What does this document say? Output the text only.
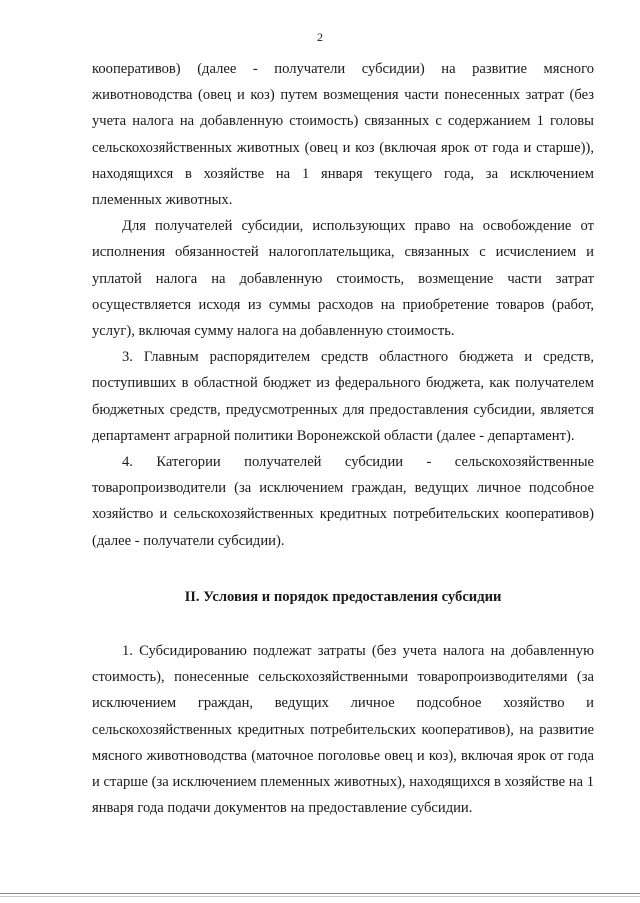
2

кооперативов) (далее - получатели субсидии) на развитие мясного животноводства (овец и коз) путем возмещения части понесенных затрат (без учета налога на добавленную стоимость) связанных с содержанием 1 головы сельскохозяйственных животных (овец и коз (включая ярок от года и старше)), находящихся в хозяйстве на 1 января текущего года, за исключением племенных животных.

Для получателей субсидии, использующих право на освобождение от исполнения обязанностей налогоплательщика, связанных с исчислением и уплатой налога на добавленную стоимость, возмещение части затрат осуществляется исходя из суммы расходов на приобретение товаров (работ, услуг), включая сумму налога на добавленную стоимость.

3. Главным распорядителем средств областного бюджета и средств, поступивших в областной бюджет из федерального бюджета, как получателем бюджетных средств, предусмотренных для предоставления субсидии, является департамент аграрной политики Воронежской области (далее - департамент).

4. Категории получателей субсидии - сельскохозяйственные товаропроизводители (за исключением граждан, ведущих личное подсобное хозяйство и сельскохозяйственных кредитных потребительских кооперативов) (далее - получатели субсидии).

II. Условия и порядок предоставления субсидии

1. Субсидированию подлежат затраты (без учета налога на добавленную стоимость), понесенные сельскохозяйственными товаропроизводителями (за исключением граждан, ведущих личное подсобное хозяйство и сельскохозяйственных кредитных потребительских кооперативов), на развитие мясного животноводства (маточное поголовье овец и коз), включая ярок от года и старше (за исключением племенных животных), находящихся в хозяйстве на 1 января года подачи документов на предоставление субсидии.
